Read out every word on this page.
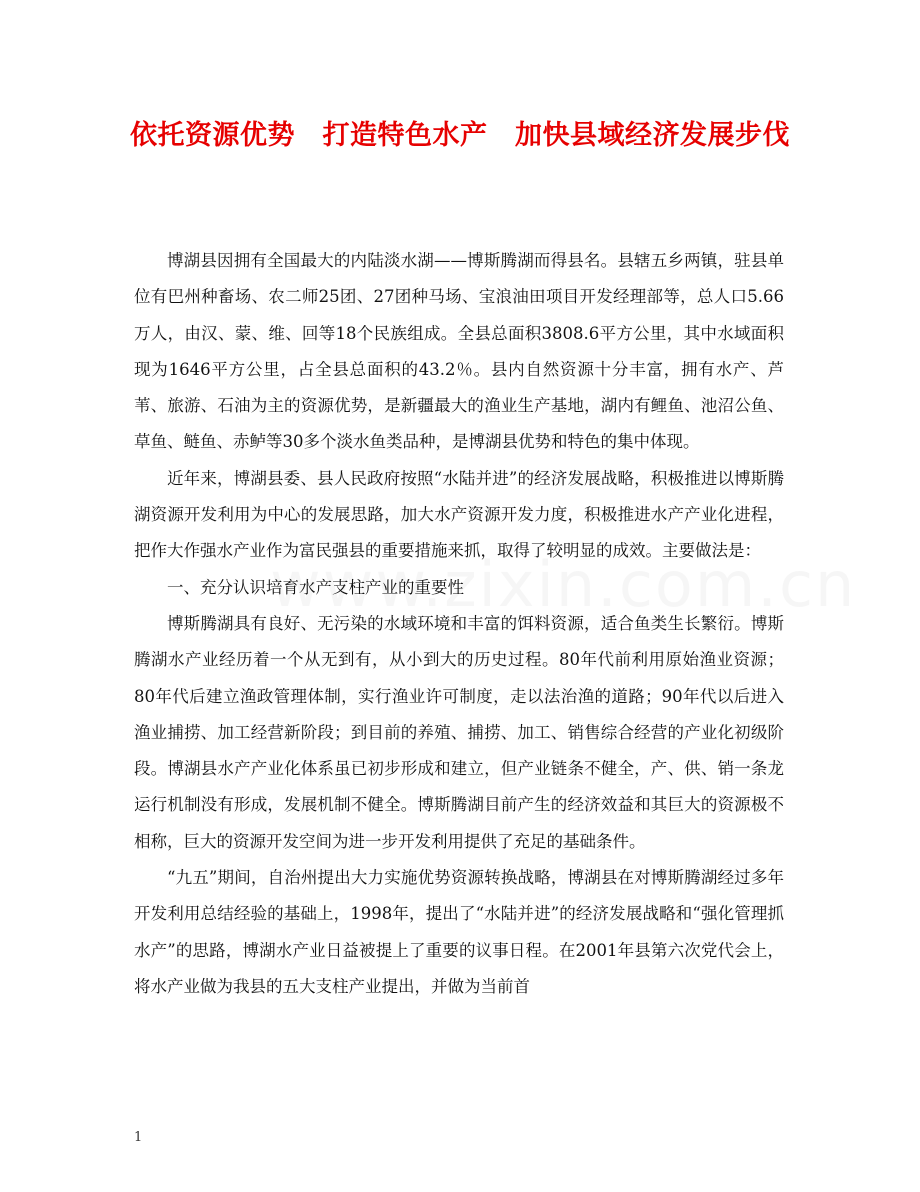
依托资源优势　打造特色水产　加快县域经济发展步伐

博湖县因拥有全国最大的内陆淡水湖——博斯腾湖而得县名。县辖五乡两镇，驻县单位有巴州种畜场、农二师25团、27团种马场、宝浪油田项目开发经理部等，总人口5.66万人，由汉、蒙、维、回等18个民族组成。全县总面积3808.6平方公里，其中水域面积现为1646平方公里，占全县总面积的43.2％。县内自然资源十分丰富，拥有水产、芦苇、旅游、石油为主的资源优势，是新疆最大的渔业生产基地，湖内有鲤鱼、池沼公鱼、草鱼、鲢鱼、赤鲈等30多个淡水鱼类品种，是博湖县优势和特色的集中体现。

近年来，博湖县委、县人民政府按照“水陆并进”的经济发展战略，积极推进以博斯腾湖资源开发利用为中心的发展思路，加大水产资源开发力度，积极推进水产产业化进程，把作大作强水产业作为富民强县的重要措施来抓，取得了较明显的成效。主要做法是：

一、充分认识培育水产支柱产业的重要性

博斯腾湖具有良好、无污染的水域环境和丰富的饵料资源，适合鱼类生长繁衍。博斯腾湖水产业经历着一个从无到有，从小到大的历史过程。80年代前利用原始渔业资源；80年代后建立渔政管理体制，实行渔业许可制度，走以法治渔的道路；90年代以后进入渔业捕捞、加工经营新阶段；到目前的养殖、捕捞、加工、销售综合经营的产业化初级阶段。博湖县水产产业化体系虽已初步形成和建立，但产业链条不健全，产、供、销一条龙运行机制没有形成，发展机制不健全。博斯腾湖目前产生的经济效益和其巨大的资源极不相称，巨大的资源开发空间为进一步开发利用提供了充足的基础条件。

“九五”期间，自治州提出大力实施优势资源转换战略，博湖县在对博斯腾湖经过多年开发利用总结经验的基础上，1998年，提出了“水陆并进”的经济发展战略和“强化管理抓水产”的思路，博湖水产业日益被提上了重要的议事日程。在2001年县第六次党代会上，将水产业做为我县的五大支柱产业提出，并做为当前首

1
